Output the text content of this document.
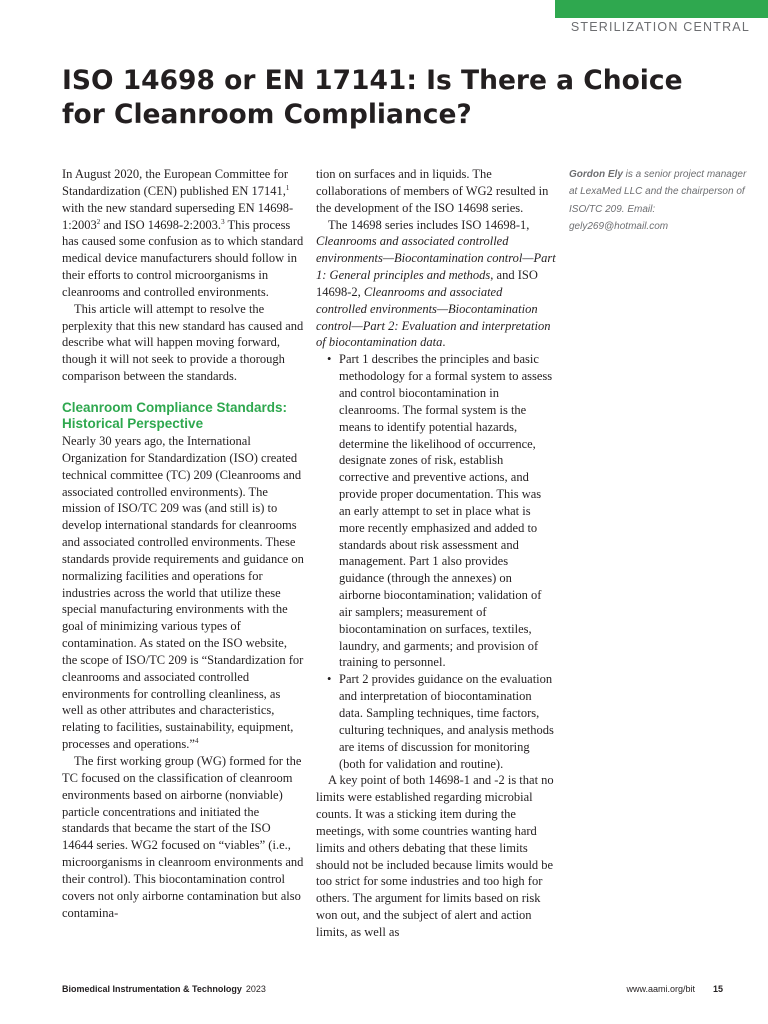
STERILIZATION CENTRAL
ISO 14698 or EN 17141: Is There a Choice for Cleanroom Compliance?

In August 2020, the European Committee for Standardization (CEN) published EN 17141,$^1$ with the new standard superseding EN 14698-1:2003$^2$ and ISO 14698-2:2003.$^3$ This process has caused some confusion as to which standard medical device manufacturers should follow in their efforts to control microorganisms in cleanrooms and controlled environments.

This article will attempt to resolve the perplexity that this new standard has caused and describe what will happen moving forward, though it will not seek to provide a thorough comparison between the standards.

Cleanroom Compliance Standards: Historical Perspective

Nearly 30 years ago, the International Organization for Standardization (ISO) created technical committee (TC) 209 (Cleanrooms and associated controlled environments). The mission of ISO/TC 209 was (and still is) to develop international standards for cleanrooms and associated controlled environments. These standards provide requirements and guidance on normalizing facilities and operations for industries across the world that utilize these special manufacturing environments with the goal of minimizing various types of contamination. As stated on the ISO website, the scope of ISO/TC 209 is “Standardization for cleanrooms and associated controlled environments for controlling cleanliness, as well as other attributes and characteristics, relating to facilities, sustainability, equipment, processes and operations.”$^4$

The first working group (WG) formed for the TC focused on the classification of cleanroom environments based on airborne (nonviable) particle concentrations and initiated the standards that became the start of the ISO 14644 series. WG2 focused on “viables” (i.e., microorganisms in cleanroom environments and their control). This biocontamination control covers not only airborne contamination but also contamina-

tion on surfaces and in liquids. The collaborations of members of WG2 resulted in the development of the ISO 14698 series.

The 14698 series includes ISO 14698-1, Cleanrooms and associated controlled environments—Biocontamination control—Part 1: General principles and methods, and ISO 14698-2, Cleanrooms and associated controlled environments—Biocontamination control—Part 2: Evaluation and interpretation of biocontamination data.

• Part 1 describes the principles and basic methodology for a formal system to assess and control biocontamination in cleanrooms. The formal system is the means to identify potential hazards, determine the likelihood of occurrence, designate zones of risk, establish corrective and preventive actions, and provide proper documentation. This was an early attempt to set in place what is more recently emphasized and added to standards about risk assessment and management. Part 1 also provides guidance (through the annexes) on airborne biocontamination; validation of air samplers; measurement of biocontamination on surfaces, textiles, laundry, and garments; and provision of training to personnel.
• Part 2 provides guidance on the evaluation and interpretation of biocontamination data. Sampling techniques, time factors, culturing techniques, and analysis methods are items of discussion for monitoring (both for validation and routine).

A key point of both 14698-1 and -2 is that no limits were established regarding microbial counts. It was a sticking item during the meetings, with some countries wanting hard limits and others debating that these limits should not be included because limits would be too strict for some industries and too high for others. The argument for limits based on risk won out, and the subject of alert and action limits, as well as

Gordon Ely is a senior project manager at LexaMed LLC and the chairperson of ISO/TC 209. Email: gely269@hotmail.com

Biomedical Instrumentation & Technology 2023	www.aami.org/bit 15
